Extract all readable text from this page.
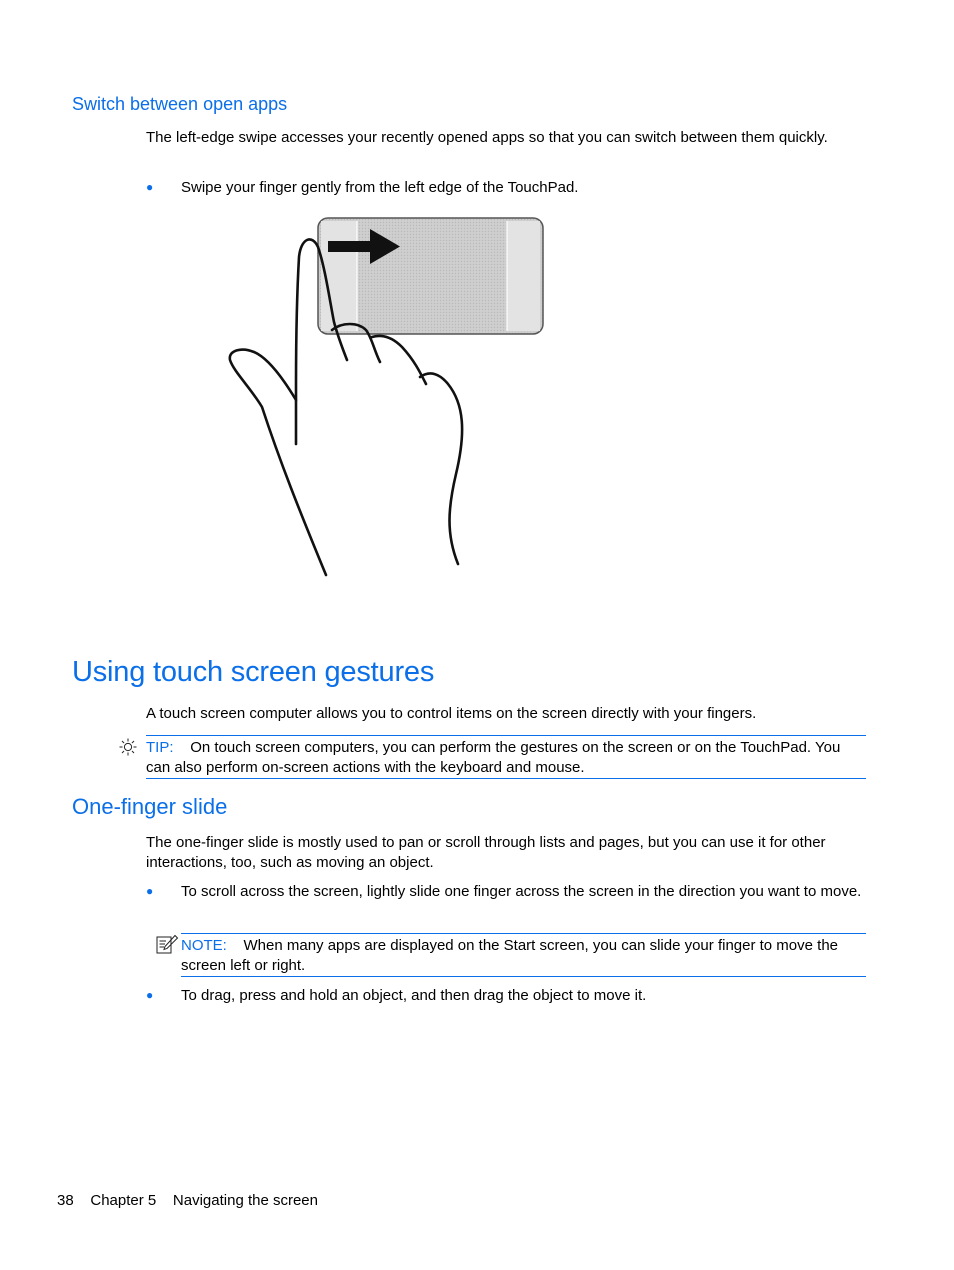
Switch between open apps
The left-edge swipe accesses your recently opened apps so that you can switch between them quickly.
● Swipe your finger gently from the left edge of the TouchPad.
Using touch screen gestures
A touch screen computer allows you to control items on the screen directly with your fingers.
TIP: On touch screen computers, you can perform the gestures on the screen or on the TouchPad. You can also perform on-screen actions with the keyboard and mouse.
One-finger slide
The one-finger slide is mostly used to pan or scroll through lists and pages, but you can use it for other interactions, too, such as moving an object.
● To scroll across the screen, lightly slide one finger across the screen in the direction you want to move.
NOTE: When many apps are displayed on the Start screen, you can slide your finger to move the screen left or right.
● To drag, press and hold an object, and then drag the object to move it.
38 Chapter 5 Navigating the screen
